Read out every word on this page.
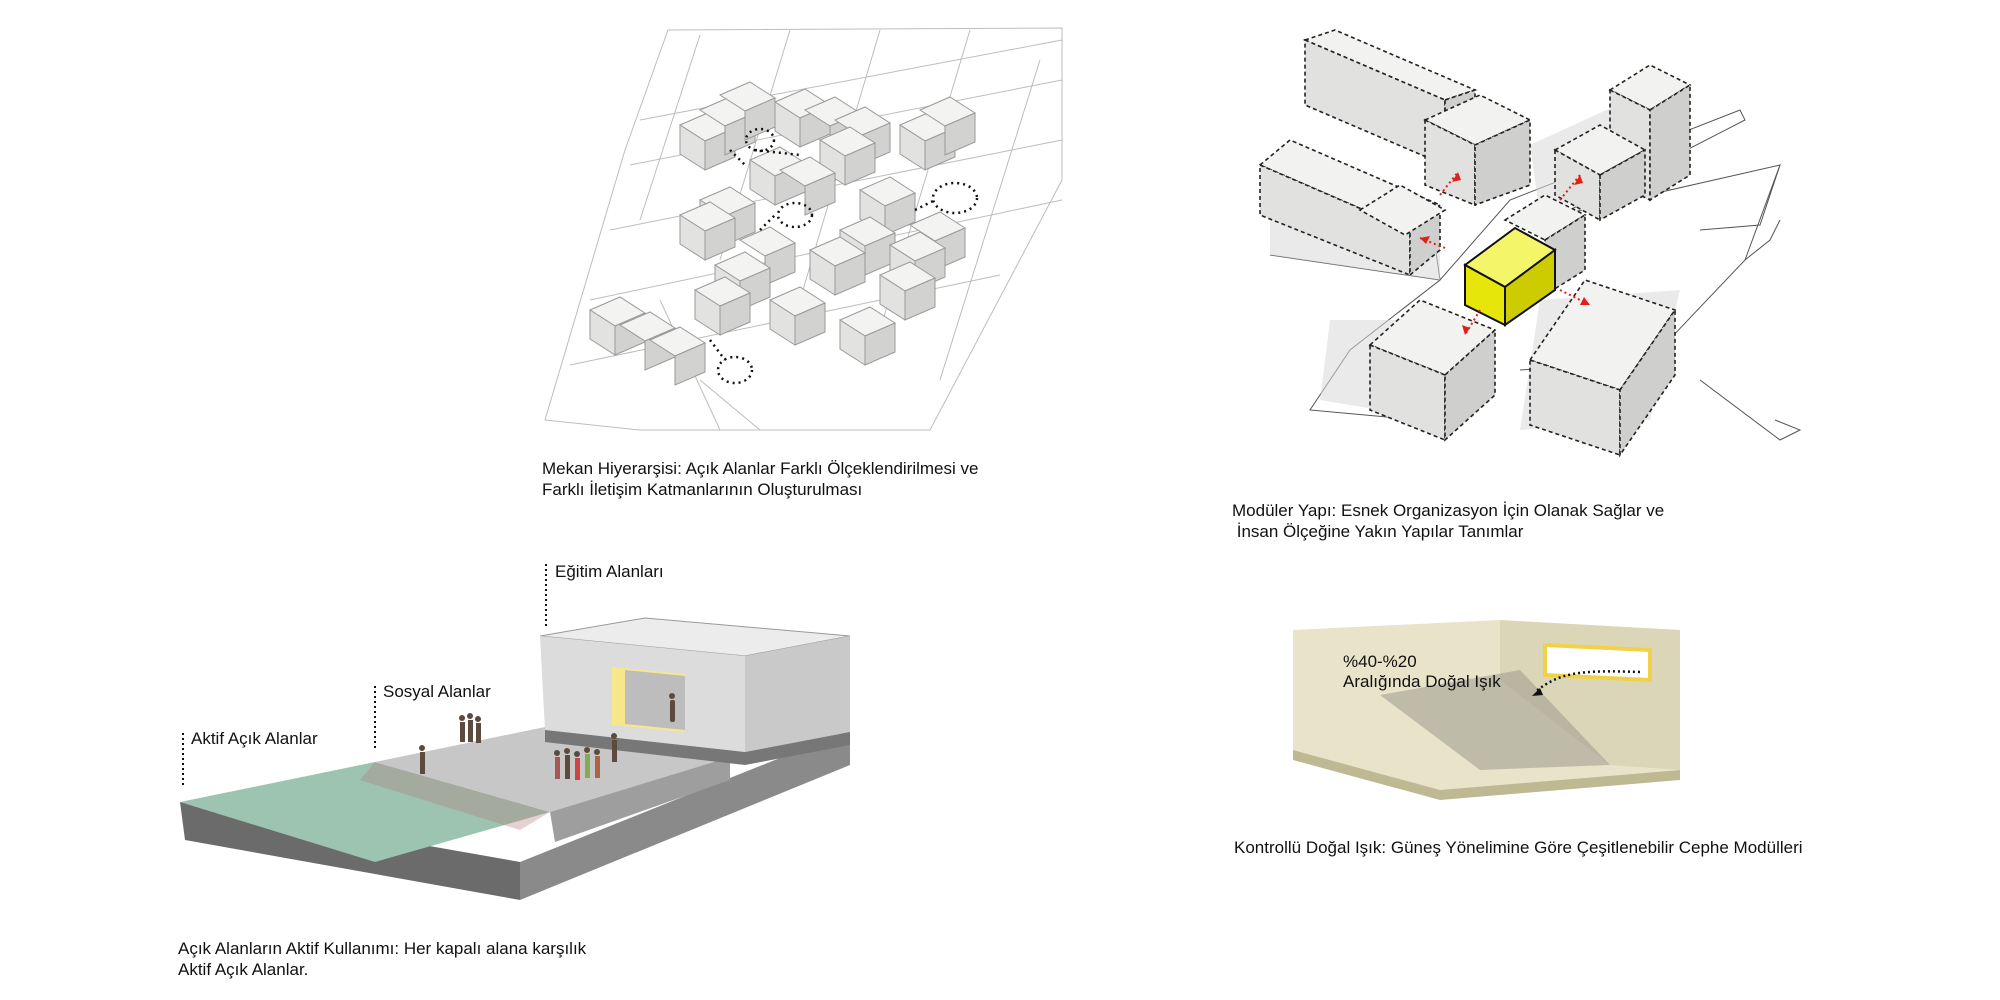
Mekan Hiyerarşisi: Açık Alanlar Farklı Ölçeklendirilmesi ve
Farklı İletişim Katmanlarının Oluşturulması
Modüler Yapı: Esnek Organizasyon İçin Olanak Sağlar ve
İnsan Ölçeğine Yakın Yapılar Tanımlar
Eğitim Alanları
Sosyal Alanlar
Aktif Açık Alanlar
Açık Alanların Aktif Kullanımı: Her kapalı alana karşılık
Aktif Açık Alanlar.
%40-%20
Aralığında Doğal Işık
Kontrollü Doğal Işık: Güneş Yönelimine Göre Çeşitlenebilir Cephe Modülleri
